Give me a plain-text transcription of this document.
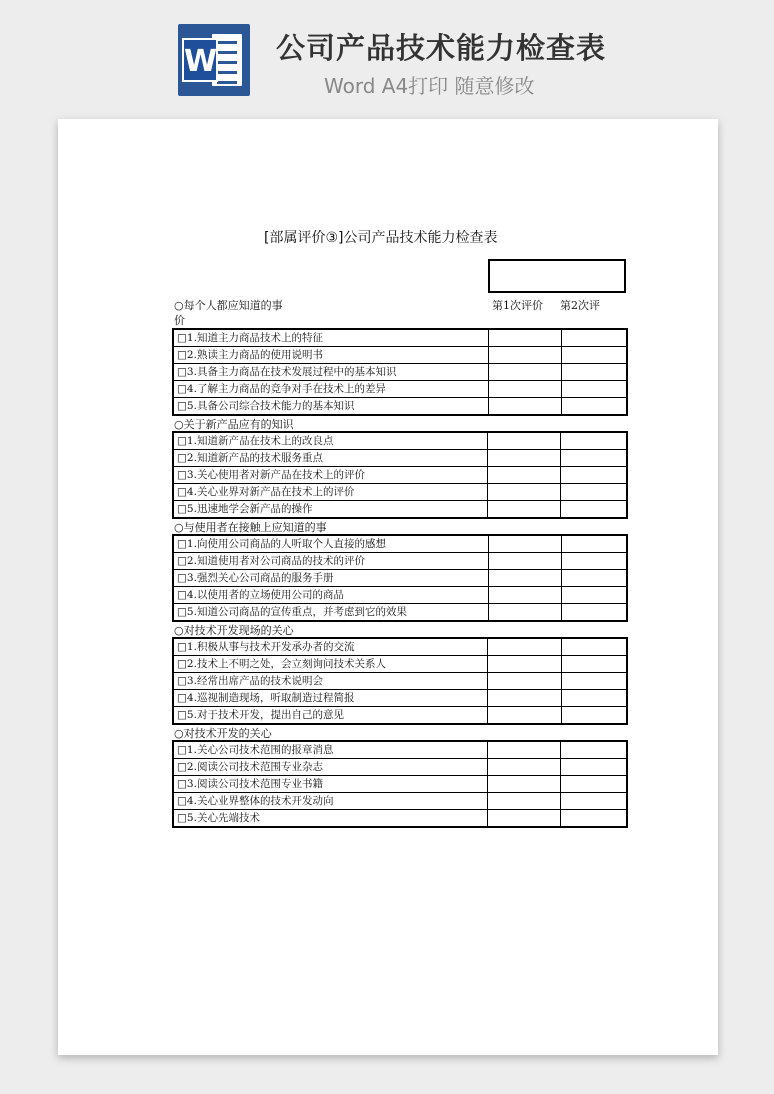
W 公司产品技术能力检查表
Word A4打印 随意修改
[部属评价③]公司产品技术能力检查表
○每个人都应知道的事	第1次评价 第2次评
价
□1.知道主力商品技术上的特征		
□2.熟读主力商品的使用说明书		
□3.具备主力商品在技术发展过程中的基本知识		
□4.了解主力商品的竞争对手在技术上的差异		
□5.具备公司综合技术能力的基本知识		
○关于新产品应有的知识
□1.知道新产品在技术上的改良点		
□2.知道新产品的技术服务重点		
□3.关心使用者对新产品在技术上的评价		
□4.关心业界对新产品在技术上的评价		
□5.迅速地学会新产品的操作		
○与使用者在接触上应知道的事
□1.向使用公司商品的人听取个人直接的感想		
□2.知道使用者对公司商品的技术的评价		
□3.强烈关心公司商品的服务手册		
□4.以使用者的立场使用公司的商品		
□5.知道公司商品的宣传重点，并考虑到它的效果		
○对技术开发现场的关心
□1.积极从事与技术开发承办者的交流		
□2.技术上不明之处，会立刻询问技术关系人		
□3.经常出席产品的技术说明会		
□4.巡视制造现场，听取制造过程简报		
□5.对于技术开发，提出自己的意见		
○对技术开发的关心
□1.关心公司技术范围的报章消息		
□2.阅读公司技术范围专业杂志		
□3.阅读公司技术范围专业书籍		
□4.关心业界整体的技术开发动向		
□5.关心先端技术		
